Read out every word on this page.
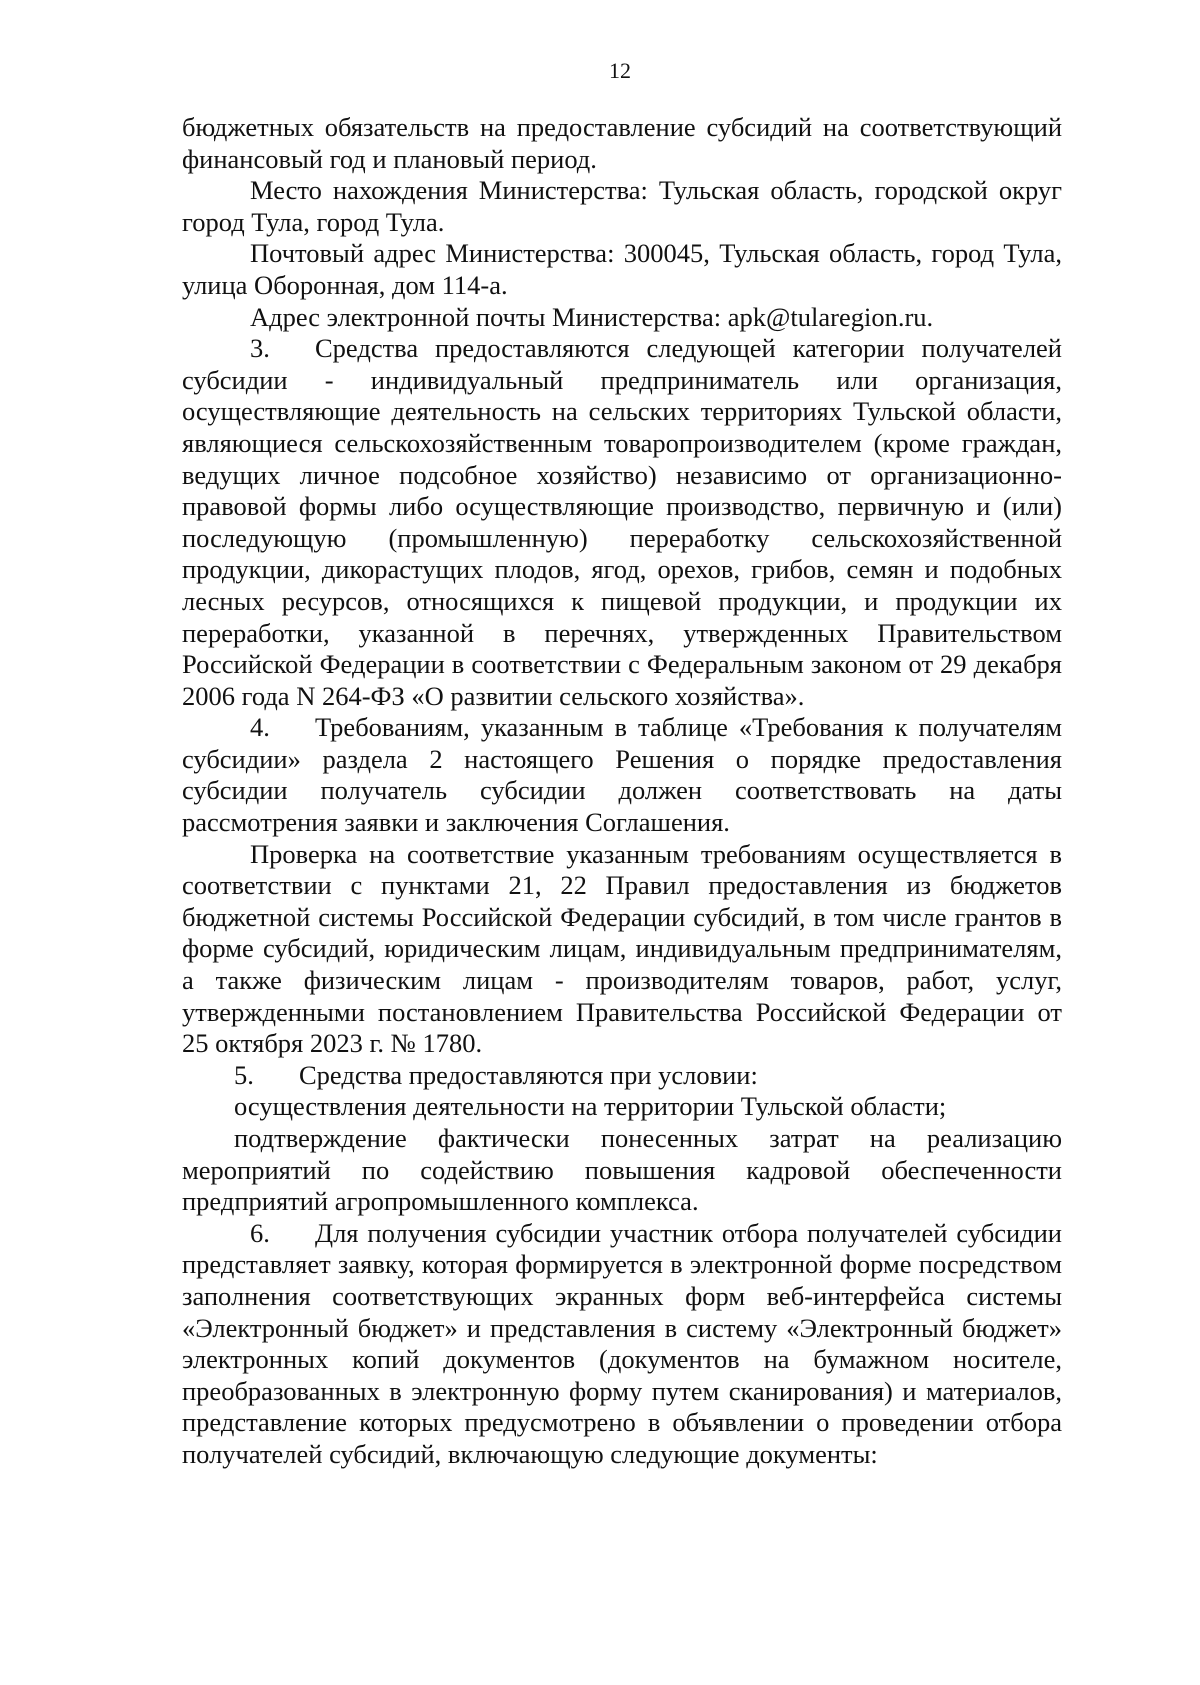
12

бюджетных обязательств на предоставление субсидий на соответствующий финансовый год и плановый период.

Место нахождения Министерства: Тульская область, городской округ город Тула, город Тула.

Почтовый адрес Министерства: 300045, Тульская область, город Тула, улица Оборонная, дом 114-а.

Адрес электронной почты Министерства: apk@tularegion.ru.

3. Средства предоставляются следующей категории получателей субсидии - индивидуальный предприниматель или организация, осуществляющие деятельность на сельских территориях Тульской области, являющиеся сельскохозяйственным товаропроизводителем (кроме граждан, ведущих личное подсобное хозяйство) независимо от организационно-правовой формы либо осуществляющие производство, первичную и (или) последующую (промышленную) переработку сельскохозяйственной продукции, дикорастущих плодов, ягод, орехов, грибов, семян и подобных лесных ресурсов, относящихся к пищевой продукции, и продукции их переработки, указанной в перечнях, утвержденных Правительством Российской Федерации в соответствии с Федеральным законом от 29 декабря 2006 года N 264-ФЗ «О развитии сельского хозяйства».

4. Требованиям, указанным в таблице «Требования к получателям субсидии» раздела 2 настоящего Решения о порядке предоставления субсидии получатель субсидии должен соответствовать на даты рассмотрения заявки и заключения Соглашения.

Проверка на соответствие указанным требованиям осуществляется в соответствии с пунктами 21, 22 Правил предоставления из бюджетов бюджетной системы Российской Федерации субсидий, в том числе грантов в форме субсидий, юридическим лицам, индивидуальным предпринимателям, а также физическим лицам - производителям товаров, работ, услуг, утвержденными постановлением Правительства Российской Федерации от 25 октября 2023 г. № 1780.

5. Средства предоставляются при условии:

осуществления деятельности на территории Тульской области;

подтверждение фактически понесенных затрат на реализацию мероприятий по содействию повышения кадровой обеспеченности предприятий агропромышленного комплекса.

6. Для получения субсидии участник отбора получателей субсидии представляет заявку, которая формируется в электронной форме посредством заполнения соответствующих экранных форм веб-интерфейса системы «Электронный бюджет» и представления в систему «Электронный бюджет» электронных копий документов (документов на бумажном носителе, преобразованных в электронную форму путем сканирования) и материалов, представление которых предусмотрено в объявлении о проведении отбора получателей субсидий, включающую следующие документы:
